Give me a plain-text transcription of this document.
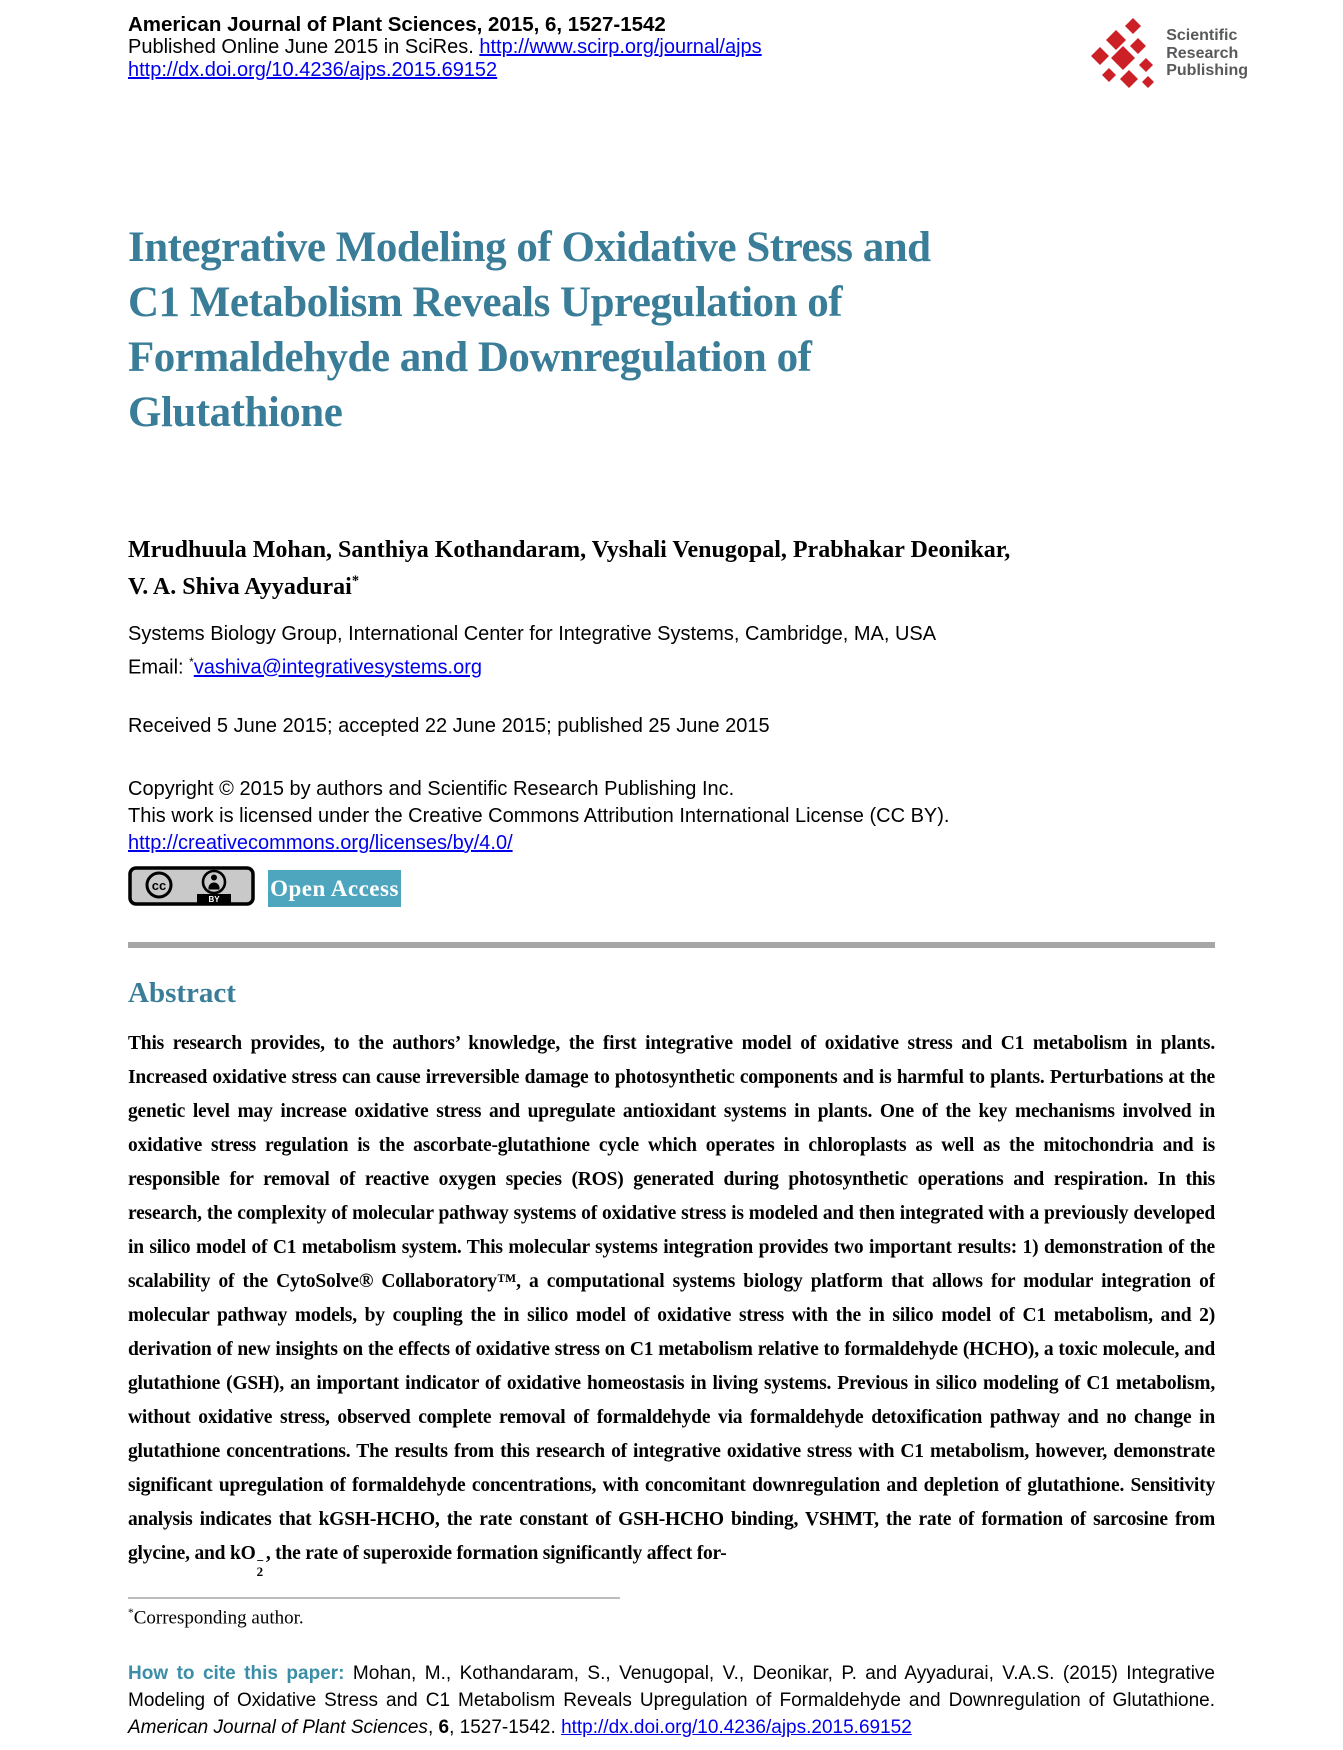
American Journal of Plant Sciences, 2015, 6, 1527-1542
Published Online June 2015 in SciRes. http://www.scirp.org/journal/ajps
http://dx.doi.org/10.4236/ajps.2015.69152
Scientific
Research
Publishing
Integrative Modeling of Oxidative Stress and
C1 Metabolism Reveals Upregulation of
Formaldehyde and Downregulation of
Glutathione
Mrudhuula Mohan, Santhiya Kothandaram, Vyshali Venugopal, Prabhakar Deonikar,
V. A. Shiva Ayyadurai*
Systems Biology Group, International Center for Integrative Systems, Cambridge, MA, USA
Email: *vashiva@integrativesystems.org
Received 5 June 2015; accepted 22 June 2015; published 25 June 2015
Copyright © 2015 by authors and Scientific Research Publishing Inc.
This work is licensed under the Creative Commons Attribution International License (CC BY).
http://creativecommons.org/licenses/by/4.0/
cc
BY Open Access
Abstract
This research provides, to the authors’ knowledge, the first integrative model of oxidative stress and C1 metabolism in plants. Increased oxidative stress can cause irreversible damage to photosynthetic components and is harmful to plants. Perturbations at the genetic level may increase oxidative stress and upregulate antioxidant systems in plants. One of the key mechanisms involved in oxidative stress regulation is the ascorbate-glutathione cycle which operates in chloroplasts as well as the mitochondria and is responsible for removal of reactive oxygen species (ROS) generated during photosynthetic operations and respiration. In this research, the complexity of molecular pathway systems of oxidative stress is modeled and then integrated with a previously developed in silico model of C1 metabolism system. This molecular systems integration provides two important results: 1) demonstration of the scalability of the CytoSolve® Collaboratory™, a computational systems biology platform that allows for modular integration of molecular pathway models, by coupling the in silico model of oxidative stress with the in silico model of C1 metabolism, and 2) derivation of new insights on the effects of oxidative stress on C1 metabolism relative to formaldehyde (HCHO), a toxic molecule, and glutathione (GSH), an important indicator of oxidative homeostasis in living systems. Previous in silico modeling of C1 metabolism, without oxidative stress, observed complete removal of formaldehyde via formaldehyde detoxification pathway and no change in glutathione concentrations. The results from this research of integrative oxidative stress with C1 metabolism, however, demonstrate significant upregulation of formaldehyde concentrations, with concomitant downregulation and depletion of glutathione. Sensitivity analysis indicates that kGSH-HCHO, the rate constant of GSH-HCHO binding, VSHMT, the rate of formation of sarcosine from glycine, and kO −
2
, the rate of superoxide formation significantly affect for-
*Corresponding author.
How to cite this paper: Mohan, M., Kothandaram, S., Venugopal, V., Deonikar, P. and Ayyadurai, V.A.S. (2015) Integrative Modeling of Oxidative Stress and C1 Metabolism Reveals Upregulation of Formaldehyde and Downregulation of Glutathione. American Journal of Plant Sciences, 6, 1527-1542. http://dx.doi.org/10.4236/ajps.2015.69152
